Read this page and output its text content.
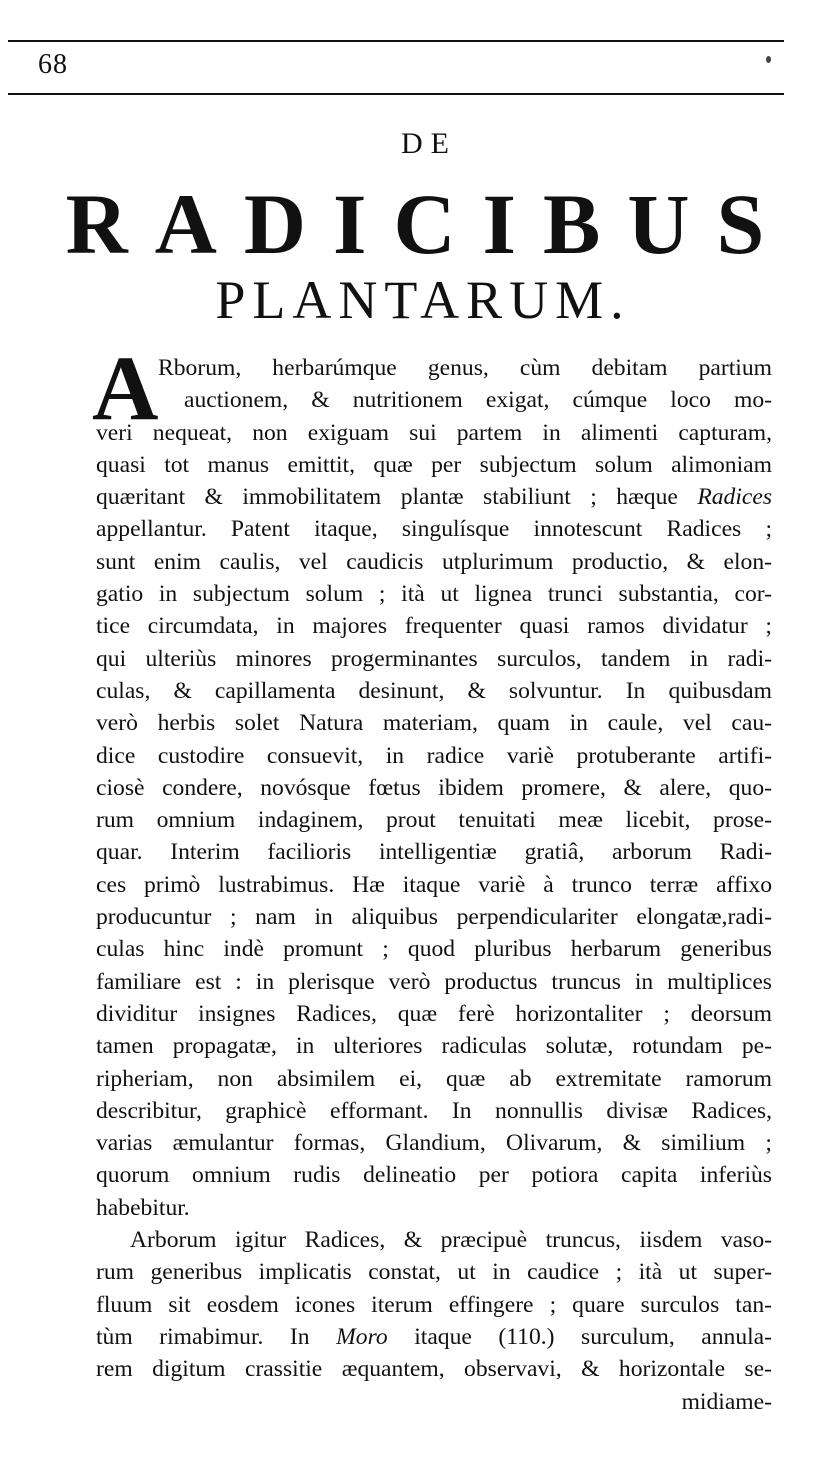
68
DE
RADICIBUS
PLANTARUM.
A Rborum, herbarúmque genus, cùm debitam partium
auctionem, & nutritionem exigat, cúmque loco mo-
veri nequeat, non exiguam sui partem in alimenti capturam,
quasi tot manus emittit, quæ per subjectum solum alimoniam
quæritant & immobilitatem plantæ stabiliunt ; hæque Radices
appellantur. Patent itaque, singulísque innotescunt Radices ;
sunt enim caulis, vel caudicis utplurimum productio, & elon-
gatio in subjectum solum ; ità ut lignea trunci substantia, cor-
tice circumdata, in majores frequenter quasi ramos dividatur ;
qui ulteriùs minores progerminantes surculos, tandem in radi-
culas, & capillamenta desinunt, & solvuntur. In quibusdam
verò herbis solet Natura materiam, quam in caule, vel cau-
dice custodire consuevit, in radice variè protuberante artifi-
ciosè condere, novósque fœtus ibidem promere, & alere, quo-
rum omnium indaginem, prout tenuitati meæ licebit, prose-
quar. Interim facilioris intelligentiæ gratiâ, arborum Radi-
ces primò lustrabimus. Hæ itaque variè à trunco terræ affixo
producuntur ; nam in aliquibus perpendiculariter elongatæ,radi-
culas hinc indè promunt ; quod pluribus herbarum generibus
familiare est : in plerisque verò productus truncus in multiplices
dividitur insignes Radices, quæ ferè horizontaliter ; deorsum
tamen propagatæ, in ulteriores radiculas solutæ, rotundam pe-
ripheriam, non absimilem ei, quæ ab extremitate ramorum
describitur, graphicè efformant. In nonnullis divisæ Radices,
varias æmulantur formas, Glandium, Olivarum, & similium ;
quorum omnium rudis delineatio per potiora capita inferiùs
habebitur.
Arborum igitur Radices, & præcipuè truncus, iisdem vaso-
rum generibus implicatis constat, ut in caudice ; ità ut super-
fluum sit eosdem icones iterum effingere ; quare surculos tan-
tùm rimabimur. In Moro itaque (110.) surculum, annula-
rem digitum crassitie æquantem, observavi, & horizontale se-
midiame-
